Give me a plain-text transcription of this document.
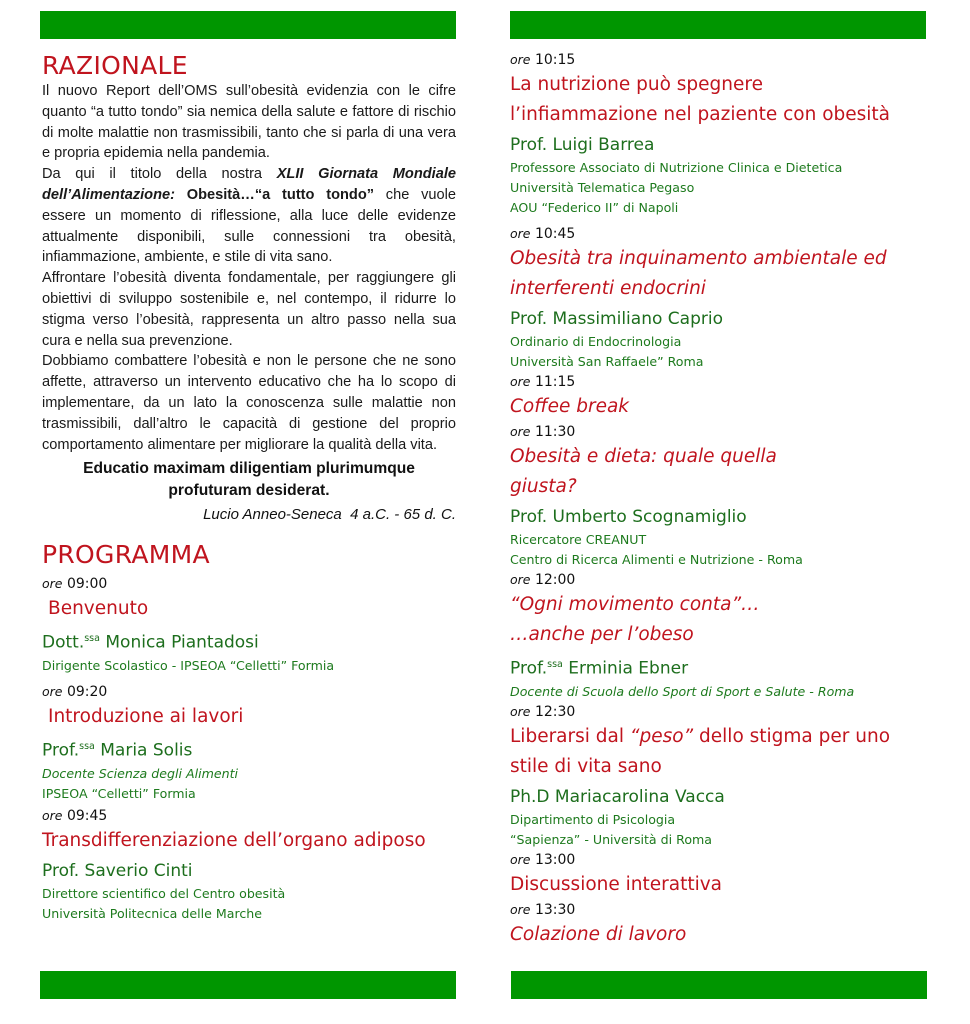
RAZIONALE

Il nuovo Report dell’OMS sull’obesità evidenzia con le cifre quanto “a tutto tondo” sia nemica della salute e fattore di rischio di molte malattie non trasmissibili, tanto che si parla di una vera e propria epidemia nella pandemia.

Da qui il titolo della nostra XLII Giornata Mondiale dell’Alimentazione: Obesità…“a tutto tondo” che vuole essere un momento di riflessione, alla luce delle evidenze attualmente disponibili, sulle connessioni tra obesità, infiammazione, ambiente, e stile di vita sano.

Affrontare l’obesità diventa fondamentale, per raggiungere gli obiettivi di sviluppo sostenibile e, nel contempo, il ridurre lo stigma verso l’obesità, rappresenta un altro passo nella sua cura e nella sua prevenzione.

Dobbiamo combattere l’obesità e non le persone che ne sono affette, attraverso un intervento educativo che ha lo scopo di implementare, da un lato la conoscenza sulle malattie non trasmissibili, dall’altro le capacità di gestione del proprio comportamento alimentare per migliorare la qualità della vita.

Educatio maximam diligentiam plurimumque

profuturam desiderat.

Lucio Anneo-Seneca  4 a.C. - 65 d. C.

PROGRAMMA
ore 09:00
Benvenuto
Dott.$^{ssa}$ Monica Piantadosi
Dirigente Scolastico - IPSEOA “Celletti” Formia
ore 09:20
Introduzione ai lavori
Prof.$^{ssa}$ Maria Solis
Docente Scienza degli Alimenti
IPSEOA “Celletti” Formia
ore 09:45
Transdifferenziazione dell’organo adiposo
Prof. Saverio Cinti
Direttore scientifico del Centro obesità
Università Politecnica delle Marche
ore 10:15
La nutrizione può spegnere
l’infiammazione nel paziente con obesità
Prof. Luigi Barrea
Professore Associato di Nutrizione Clinica e Dietetica
Università Telematica Pegaso
AOU “Federico II” di Napoli
ore 10:45
Obesità tra inquinamento ambientale ed
interferenti endocrini
Prof. Massimiliano Caprio
Ordinario di Endocrinologia
Università San Raffaele” Roma
ore 11:15
Coffee break
ore 11:30
Obesità e dieta: quale quella
giusta?
Prof. Umberto Scognamiglio
Ricercatore CREANUT
Centro di Ricerca Alimenti e Nutrizione - Roma
ore 12:00
“Ogni movimento conta”…
…anche per l’obeso
Prof.$^{ssa}$ Erminia Ebner
Docente di Scuola dello Sport di Sport e Salute - Roma
ore 12:30
Liberarsi dal “peso” dello stigma per uno
stile di vita sano
Ph.D Mariacarolina Vacca
Dipartimento di Psicologia
“Sapienza” - Università di Roma
ore 13:00
Discussione interattiva
ore 13:30
Colazione di lavoro
